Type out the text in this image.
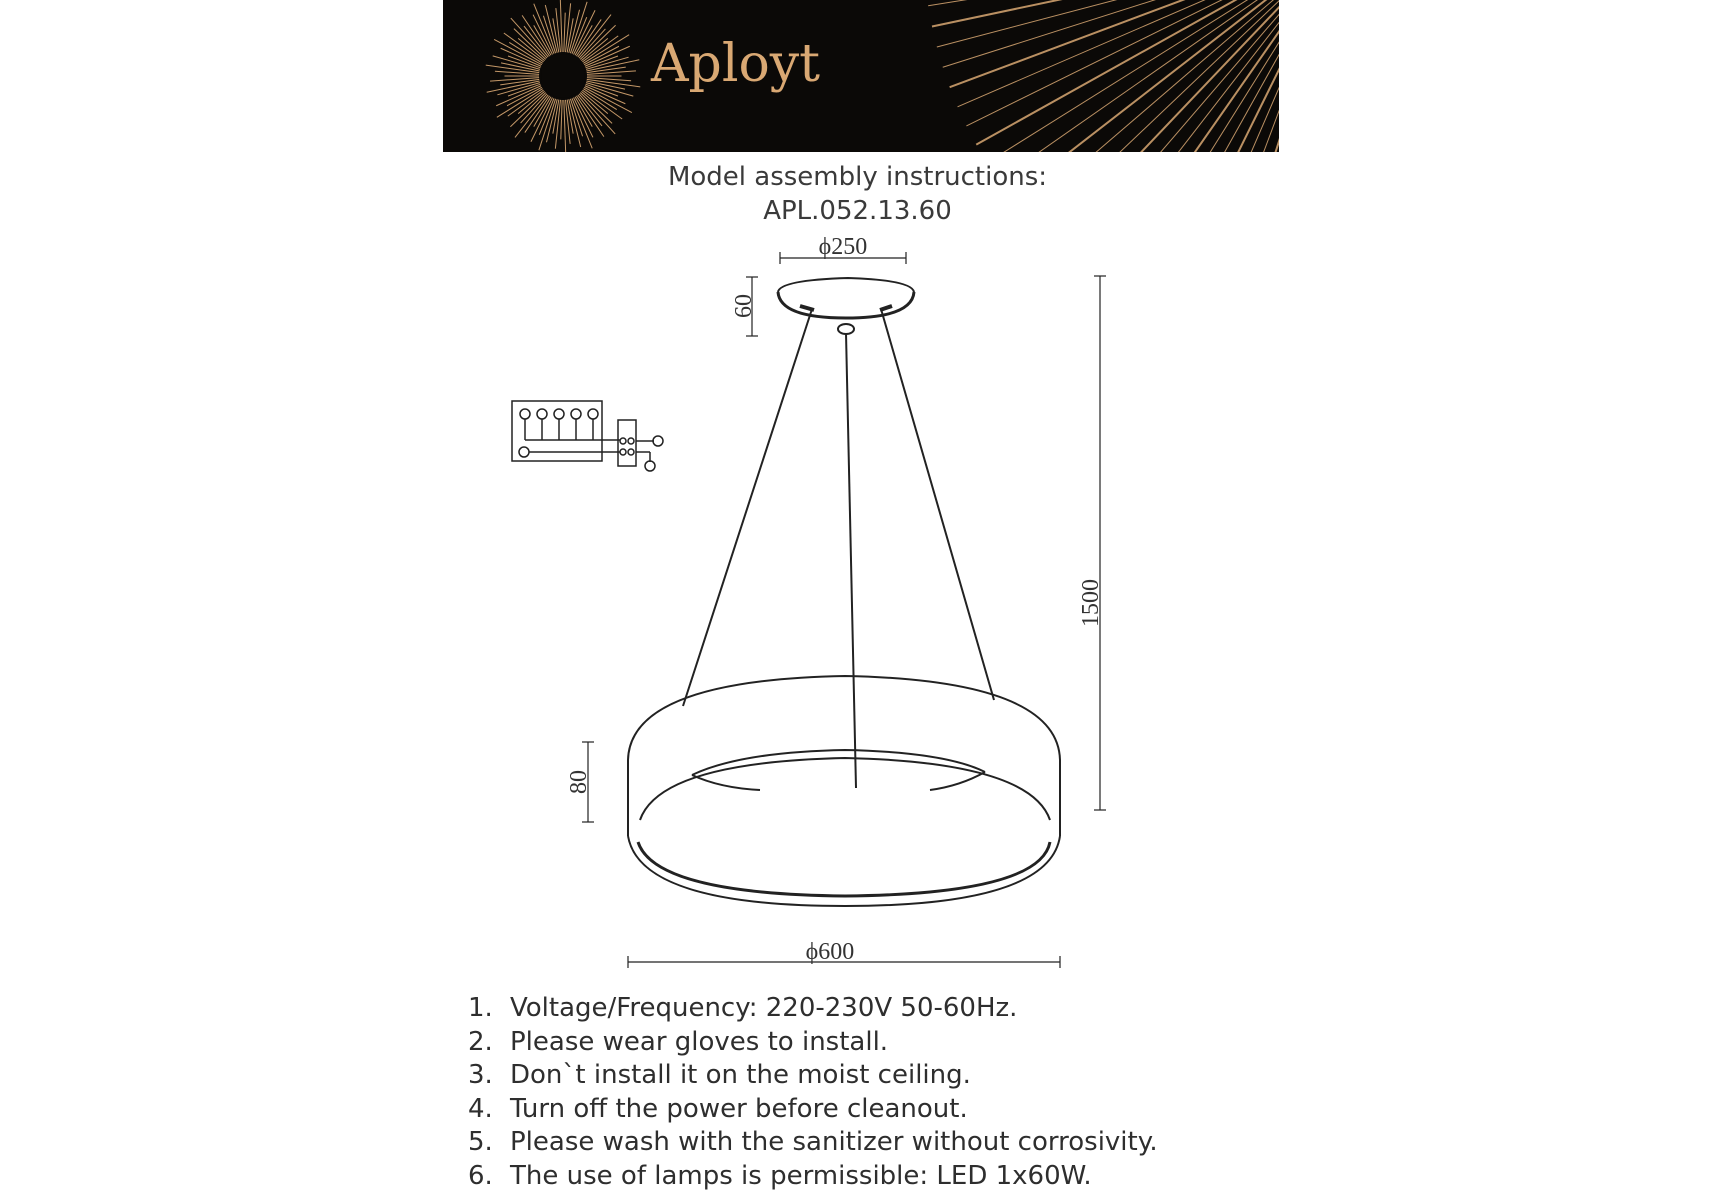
Aployt
Model assembly instructions:
APL.052.13.60
ϕ250
60
1500
80
ϕ600
1. Voltage/Frequency: 220-230V 50-60Hz.
2. Please wear gloves to install.
3. Don`t install it on the moist ceiling.
4. Turn off the power before cleanout.
5. Please wash with the sanitizer without corrosivity.
6. The use of lamps is permissible: LED 1x60W.
